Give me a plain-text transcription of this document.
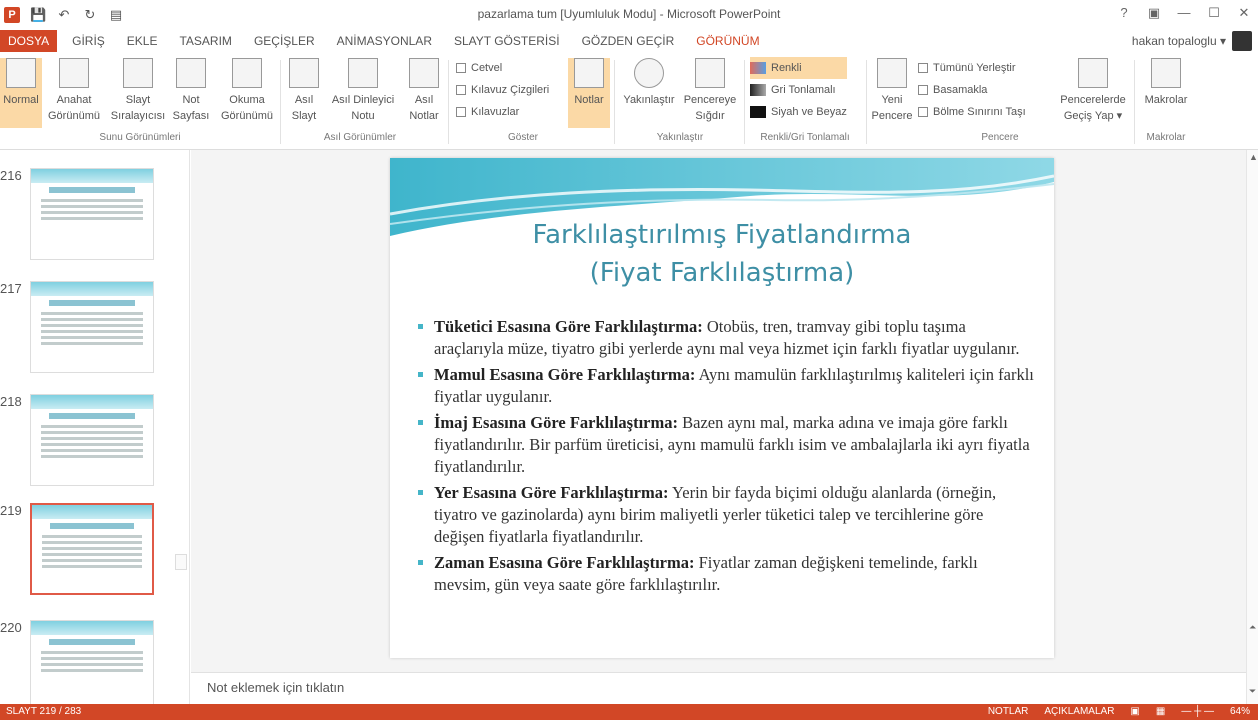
P	💾 ↶ ↻ ▤	pazarlama tum [Uyumluluk Modu] - Microsoft PowerPoint	?	▣ — ☐ ✕
DOSYA	GİRİŞ	EKLE	TASARIM	GEÇİŞLER	ANİMASYONLAR	SLAYT GÖSTERİSİ	GÖZDEN GEÇİR	GÖRÜNÜM	hakan topaloglu ▾
Normal	Anahat Görünümü
Slayt Sıralayıcısı
Not Sayfası
Okuma Görünümü
Sunu Görünümleri
Asıl Slayt
Asıl Dinleyici Notu
Asıl Notlar
Asıl Görünümler
Cetvel
Kılavuz Çizgileri
Kılavuzlar
Notlar
Göster
Yakınlaştır Pencereye Sığdır
Yakınlaştır
Renkli
Gri Tonlamalı
Siyah ve Beyaz
Renkli/Gri Tonlamalı
Yeni Pencere
Tümünü Yerleştir
Basamakla
Bölme Sınırını Taşı
Pencerelerde Geçiş Yap ▾
Pencere
Makrolar
Makrolar
216
217
218
219
220
Farklılaştırılmış Fiyatlandırma
(Fiyat Farklılaştırma)
Tüketici Esasına Göre Farklılaştırma: Otobüs, tren, tramvay gibi toplu taşıma araçlarıyla müze, tiyatro gibi yerlerde aynı mal veya hizmet için farklı fiyatlar uygulanır.
Mamul Esasına Göre Farklılaştırma: Aynı mamulün farklılaştırılmış kaliteleri için farklı fiyatlar uygulanır.
İmaj Esasına Göre Farklılaştırma: Bazen aynı mal, marka adına ve imaja göre farklı fiyatlandırılır. Bir parfüm üreticisi, aynı mamulü farklı isim ve ambalajlarla iki ayrı fiyatla fiyatlandırılır.
Yer Esasına Göre Farklılaştırma: Yerin bir fayda biçimi olduğu alanlarda (örneğin, tiyatro ve gazinolarda) aynı birim maliyetli yerler tüketici talep ve tercihlerine göre değişen fiyatlarla fiyatlandırılır.
Zaman Esasına Göre Farklılaştırma: Fiyatlar zaman değişkeni temelinde, farklı mevsim, gün veya saate göre farklılaştırılır.
Not eklemek için tıklatın
▲
⏶
⏷
SLAYT 219 / 283	NOTLAR AÇIKLAMALAR ▣ ▦ — ┼ — 64%
